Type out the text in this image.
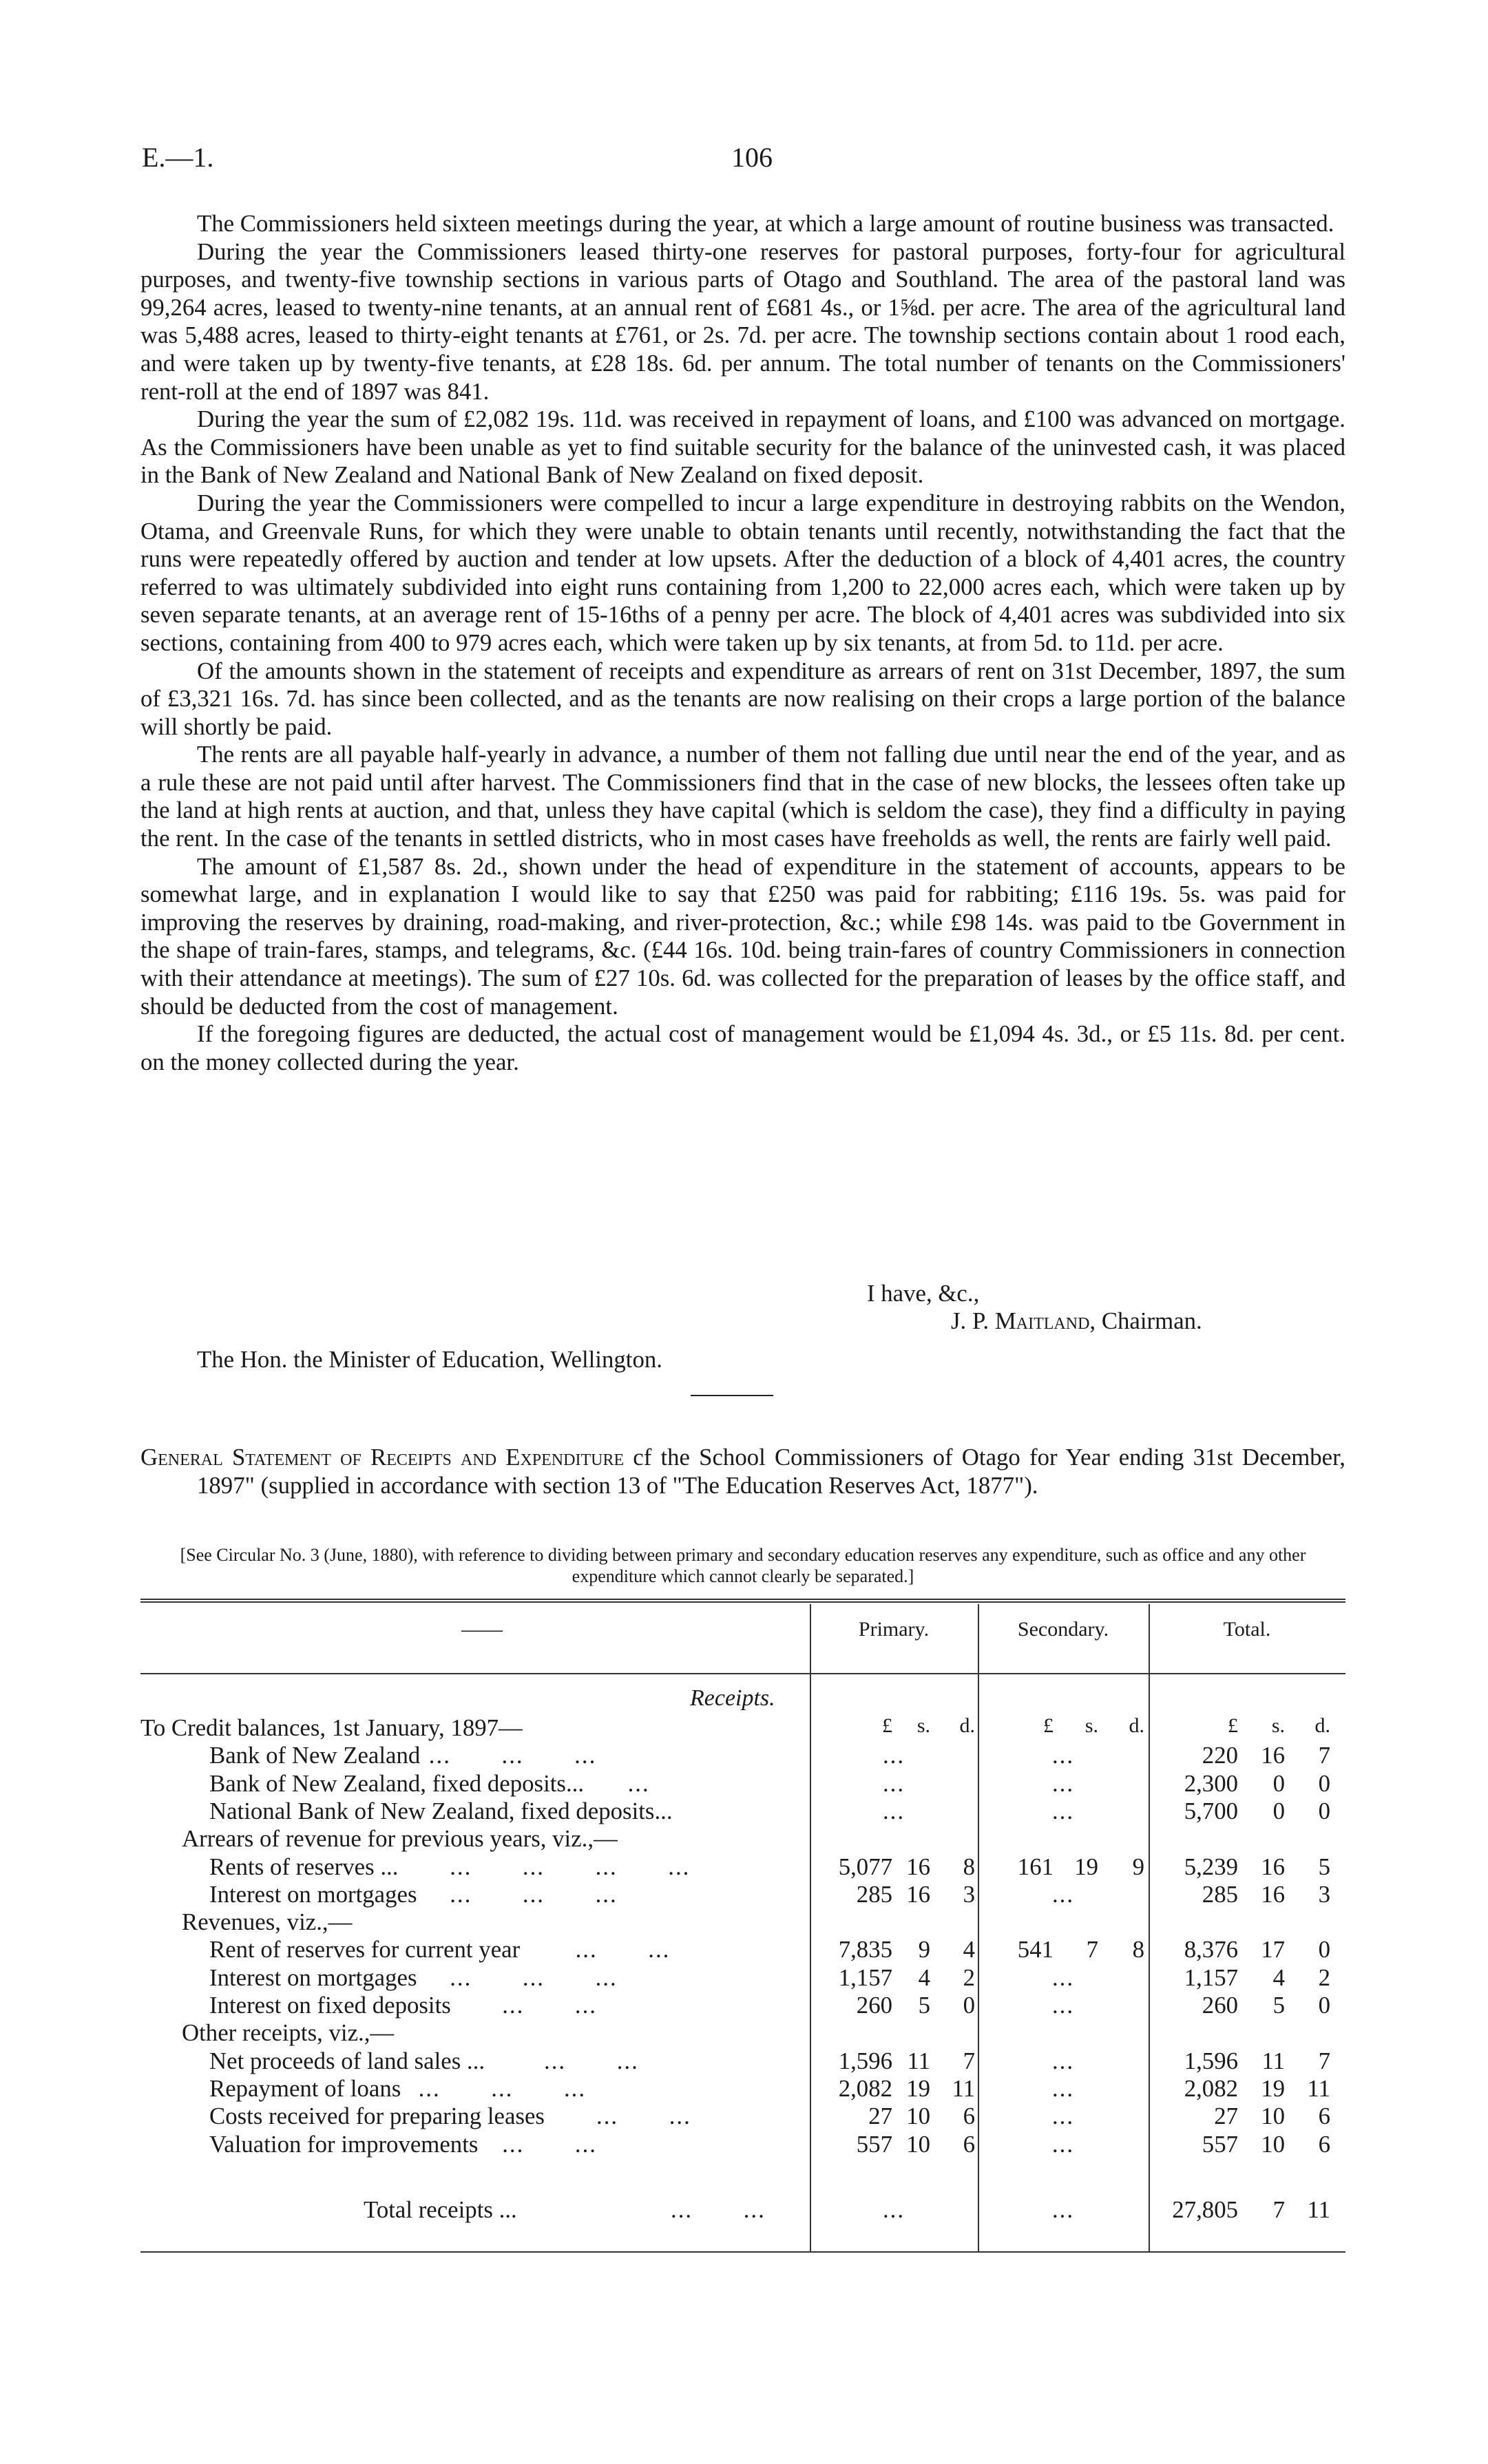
E.—1.	106

The Commissioners held sixteen meetings during the year, at which a large amount of routine business was transacted.

During the year the Commissioners leased thirty-one reserves for pastoral purposes, forty-four for agricultural purposes, and twenty-five township sections in various parts of Otago and Southland. The area of the pastoral land was 99,264 acres, leased to twenty-nine tenants, at an annual rent of £681 4s., or 1⅝d. per acre. The area of the agricultural land was 5,488 acres, leased to thirty-eight tenants at £761, or 2s. 7d. per acre. The township sections contain about 1 rood each, and were taken up by twenty-five tenants, at £28 18s. 6d. per annum. The total number of tenants on the Commissioners' rent-roll at the end of 1897 was 841.

During the year the sum of £2,082 19s. 11d. was received in repayment of loans, and £100 was advanced on mortgage. As the Commissioners have been unable as yet to find suitable security for the balance of the uninvested cash, it was placed in the Bank of New Zealand and National Bank of New Zealand on fixed deposit.

During the year the Commissioners were compelled to incur a large expenditure in destroying rabbits on the Wendon, Otama, and Greenvale Runs, for which they were unable to obtain tenants until recently, notwithstanding the fact that the runs were repeatedly offered by auction and tender at low upsets. After the deduction of a block of 4,401 acres, the country referred to was ultimately subdivided into eight runs containing from 1,200 to 22,000 acres each, which were taken up by seven separate tenants, at an average rent of 15-16ths of a penny per acre. The block of 4,401 acres was subdivided into six sections, containing from 400 to 979 acres each, which were taken up by six tenants, at from 5d. to 11d. per acre.

Of the amounts shown in the statement of receipts and expenditure as arrears of rent on 31st December, 1897, the sum of £3,321 16s. 7d. has since been collected, and as the tenants are now realising on their crops a large portion of the balance will shortly be paid.

The rents are all payable half-yearly in advance, a number of them not falling due until near the end of the year, and as a rule these are not paid until after harvest. The Commissioners find that in the case of new blocks, the lessees often take up the land at high rents at auction, and that, unless they have capital (which is seldom the case), they find a difficulty in paying the rent. In the case of the tenants in settled districts, who in most cases have freeholds as well, the rents are fairly well paid.

The amount of £1,587 8s. 2d., shown under the head of expenditure in the statement of accounts, appears to be somewhat large, and in explanation I would like to say that £250 was paid for rabbiting; £116 19s. 5s. was paid for improving the reserves by draining, road-making, and river-protection, &c.; while £98 14s. was paid to tbe Government in the shape of train-fares, stamps, and telegrams, &c. (£44 16s. 10d. being train-fares of country Commissioners in connection with their attendance at meetings). The sum of £27 10s. 6d. was collected for the preparation of leases by the office staff, and should be deducted from the cost of management.

If the foregoing figures are deducted, the actual cost of management would be £1,094 4s. 3d., or £5 11s. 8d. per cent. on the money collected during the year.

I have, &c.,
J. P. Maitland, Chairman.
The Hon. the Minister of Education, Wellington.
General Statement of Receipts and Expenditure cf the School Commissioners of Otago for Year ending 31st December, 1897" (supplied in accordance with section 13 of "The Education Reserves Act, 1877").
[See Circular No. 3 (June, 1880), with reference to dividing between primary and secondary education reserves any expenditure, such as office and any other expenditure which cannot clearly be separated.]
——	Primary.	Secondary.	Total.
Receipts.
To Credit balances, 1st January, 1897—	£	s.	d.	£	s.	d.	£	s.	d.
Bank of New Zealand ...  ...  ...	...	...	220 16	7
Bank of New Zealand, fixed deposits...	...	...	...	2,300	0	0
National Bank of New Zealand, fixed deposits...	...	...	5,700	0	0
Arrears of revenue for previous years, viz.,—
Rents of reserves ...	...  ...  ...  ...	5,077 16	8	161 19	9	5,239 16	5
Interest on mortgages	...  ...  ...	285 16	3	...	285 16	3
Revenues, viz.,—
Rent of reserves for current year	...  ...	7,835	9	4	541	7	8	8,376 17	0
Interest on mortgages	...  ...  ...	1,157	4	2	...	1,157	4	2
Interest on fixed deposits	...  ...	260	5	0	...	260	5	0
Other receipts, viz.,—
Net proceeds of land sales ...	...  ...	1,596 11	7	...	1,596 11	7
Repayment of loans ...  ...  ...	2,082 19 11	...	2,082 19 11
Costs received for preparing leases	...  ...	27 10	6	...	27 10	6
Valuation for improvements ...  ...	557 10	6	...	557 10	6
Total receipts ...	...  ...	...	...	27,805	7 11
